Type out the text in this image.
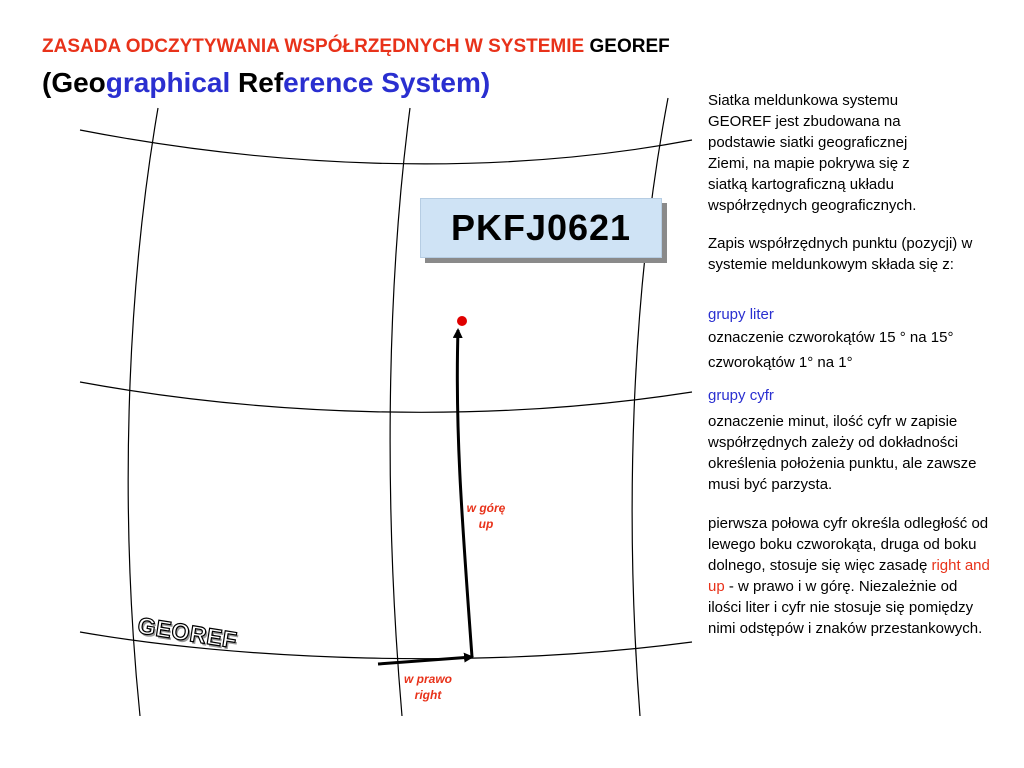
ZASADA ODCZYTYWANIA WSPÓŁRZĘDNYCH W SYSTEMIE GEOREF
(Geographical Reference System)
PKFJ0621
w górę
up
w prawo
right
GEOREF
Siatka meldunkowa systemu GEOREF jest zbudowana na podstawie siatki geograficznej Ziemi, na mapie pokrywa się z siatką kartograficzną układu współrzędnych geograficznych.
Zapis współrzędnych punktu (pozycji) w systemie meldunkowym składa się z:
grupy liter
oznaczenie czworokątów 15 ° na 15°
czworokątów 1° na 1°
grupy cyfr
oznaczenie minut, ilość cyfr w zapisie współrzędnych zależy od dokładności określenia położenia punktu, ale zawsze musi być parzysta.
pierwsza połowa cyfr określa odległość od lewego boku czworokąta, druga od boku dolnego, stosuje się więc zasadę right and up - w prawo i w górę. Niezależnie od ilości liter i cyfr nie stosuje się pomiędzy nimi odstępów i znaków przestankowych.
